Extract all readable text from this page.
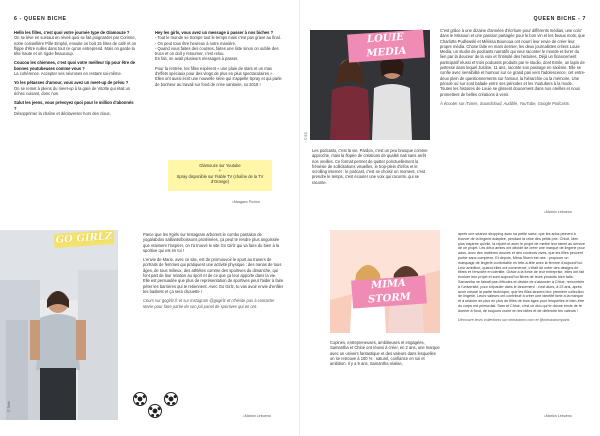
6 - QUEEN BICHE

Hello les filles, c'est quoi votre journée type de Glamouze ?
On se lève en sursaut en réveil quoi se fait poignarder par Corinne, notre conseillère Pôle Emploi, ensuite on boit 15 litres de café et on flippe d'être nulles dans tout ce qu'on entreprend. Mais on garde la tête haute et on rigole beaucoup.

Coucou les chiennes, c'est quoi votre meilleur tip pour être de bonnes youtubeuses comme vous ?
La cohérence. Accepter ses névroses en restant soi-même.

Yo les pétasses d'amour, vous avez un meet-up de prévu ?
On se remet à pleins du meet-up à la gare de Vitotte qui était un échec cuisant, donc non.

Salut les jeens, vous prévoyez quoi pour le million d'abonnés ?
Désopprimer la chaîne et déclaverser hors des clous.

Hey les girls, vous avez un message à passer à nos biches ?
- Tout le monde se trompe tout le temps mais c'est pas grave au final.
- On peut tous être heureux à notre manière.
- Quand vous faites des courses, faites une liste sinon on oublie des trucs et on doit y retourner, c'est relou.
En fait, on avait plusieurs messages à passer.

Pour la rentrée, les filles espèrent « une pluie de stars et un max d'effets spéciaux pour des vlogs de plus en plus spectaculaires ». Elles ont aussi écrit une nouvelle série qui s'appelle Spray et qui parle de bonheur au travail sur fond de crise sanitaire, so 2018 !

Glamouze sur Youtube
+
Spray disponible sur Fiable TV (chaîne de la TV d'Orange)
● Margaux Pichon
GO GIRLZ
© Tarte

Parce que les #girls sur Instagram arborent le combo pantalon de yoga/abdos saillants/boissons protéinées, ça peut te rendre plus angoissée que vraiment t'inspirer, on t'a trouvé le site Go Girlz qui va faire du bien à la sportive qui est en toi !

L'envie de Marie, avec ce site, est de promouvoir le sport au travers de portraits de femmes qui pratiquent une activité physique : des nanas de tous âges, de tous milieux, des athlètes comme des sportives du dimanche, qui font part de leur relation au sport et de ce que ça leur apporte dans la vie. Elle est persuadée que plus de représentation de sportives peut l'aider à faire péter les barrières qui te retiennent. Avec Go Girlz, tu vas avoir envie d'enfiler tes baskets et ça sera chouette !

Cours sur gogirlz.fr et sur Instagram @gogirlz et n'hésite pas à contacter Marie pour faire partie de son joli panel de sportives qui en ont.

● Marion Lebueno
QUEEN BICHE - 7
LOUIE MEDIA
© ES

Les podcasts, c'est la vie. Pardon, c'est un peu brusque comme approche, mais la flopée de créations de qualité nait sans arrêt nos oreilles. Ce format permet de quitter ponctuellement la frénésie de sollicitations visuelles, le trop-plein d'infos et le scrolling internet : le podcast, c'est se choisir un moment, c'est prendre le temps, c'est écouter une voix qui raconte, qui se raconte.

C'est grâce à une dizaine d'années d'écriture pour différents médias, une colo' dans le Missouri et une passion partagée pour le bon vin et les beaux mots, que Charlotte Pudlowski et Mélissa Bounoua ont nourri leur envie de créer leur propre média. Chose faite en mars dernier, les deux journalistes créent Louie Media, un studio de podcasts narratifs qui veut raconter le monde et livrer du lien par la douceur de la voix et l'intimité des histoires. Déjà un financement participatif réussi et trois podcasts produits par le studio, dont Emile, un lapin de justesse dans lequel Justine, 11 ans, raconte son passage en sixième. Elle se confie avec sensibilité et humour sur ce grand pas vers l'adolescence, cet entre-deux plein de questionnements sur l'amour, la hiérarchie ou la mémoire. Une pérode où sur sont balade entre ses périodes et les Youtubers à la mode. Toutes les histoires de Louie se glissent doucement dans nos oreilles et nous promettent de belles créations à venir.

À écouter sur iTunes, Soundcloud, Audible, YouTube, Google Podcasts.

● Marion Lebueno
MIMA STORM

Copines, entrepreneuses, ambitieuses et engagées, Samantha et Chloé ont réussi à créer, en 2 ans, une marque avec un univers fantastique et des valeurs dans lesquelles on se retrouve à 100 % : naturel, confiance en soi et ambition. Il y a 9 ans, Samantha réalise,

après une séance shopping avec sa petite sœur, que les ados peinent à trouver de la lingerie adaptée, pendant la crise des petits prix. Chloé, bien plus inspirée qu'elle, la rejoint et avec le projet de mettre leur talent au service de ce projet. Les deux amies ont décidé de créer une marque de lingerie pour ados, avec des matières douces et des couleurs vives, que les filles peuvent porter sans complexe. Et depuis, Mima Storm est née : proposer un marquage de lingerie confortable en tête-à-tête avec la femme d'aujourd'hui. Leur ambition, quand elles ont commencé, c'était de créer des designs de filtres et l'envolée en identité. Grâce à la force de leur entreprise, elles ont fait évoluer leur projet et sont aujourd'hui fières de leurs produits bien faits. Samantha ne faisait pas d'études et décide de s'associer à Chloé, rencontrée à l'université, pour s'épauler dans le lancement : c'est alors, à 23 ans, après avoir creusé la partie technique, que les filles lancent leur première collection de lingerie. Leurs valeurs ont contribué à créer une identité forte à la marque et à séduire de plus en plus de filles de tous âges pour lesquelles le bien-être du corps est primordial. Sam et Chloé, c'est un duo qui te donne envie de te donner à fond, de toujours croire en tes idées et de défendre tes valeurs !

Découvre leurs collections sur mimastorm.com et @mimastormparis

● Marion Lebueno
